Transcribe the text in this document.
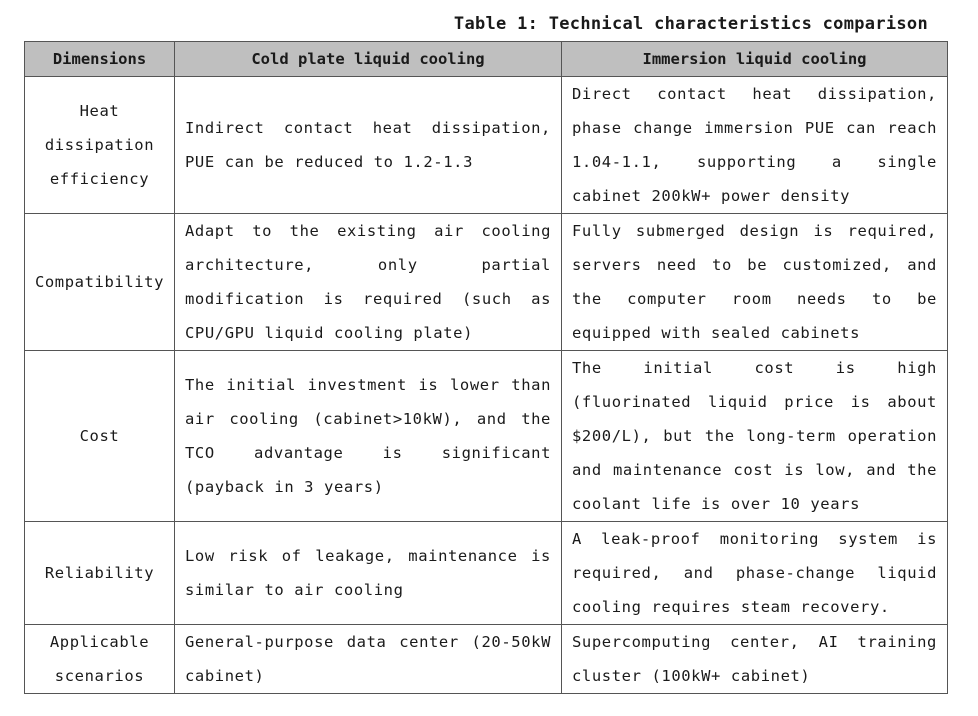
Table 1: Technical characteristics comparison
Dimensions	Cold plate liquid cooling	Immersion liquid cooling
Heat dissipation efficiency	Indirect contact heat dissipation, PUE can be reduced to 1.2-1.3	Direct contact heat dissipation, phase change immersion PUE can reach 1.04-1.1, supporting a single cabinet 200kW+ power density
Compatibility	Adapt to the existing air cooling architecture, only partial modification is required (such as CPU/GPU liquid cooling plate)	Fully submerged design is required, servers need to be customized, and the computer room needs to be equipped with sealed cabinets
Cost	The initial investment is lower than air cooling (cabinet>10kW), and the TCO advantage is significant (payback in 3 years)	The initial cost is high (fluorinated liquid price is about $200/L), but the long-term operation and maintenance cost is low, and the coolant life is over 10 years
Reliability	Low risk of leakage, maintenance is similar to air cooling	A leak-proof monitoring system is required, and phase-change liquid cooling requires steam recovery.
Applicable scenarios	General-purpose data center (20-50kW cabinet)	Supercomputing center, AI training cluster (100kW+ cabinet)
